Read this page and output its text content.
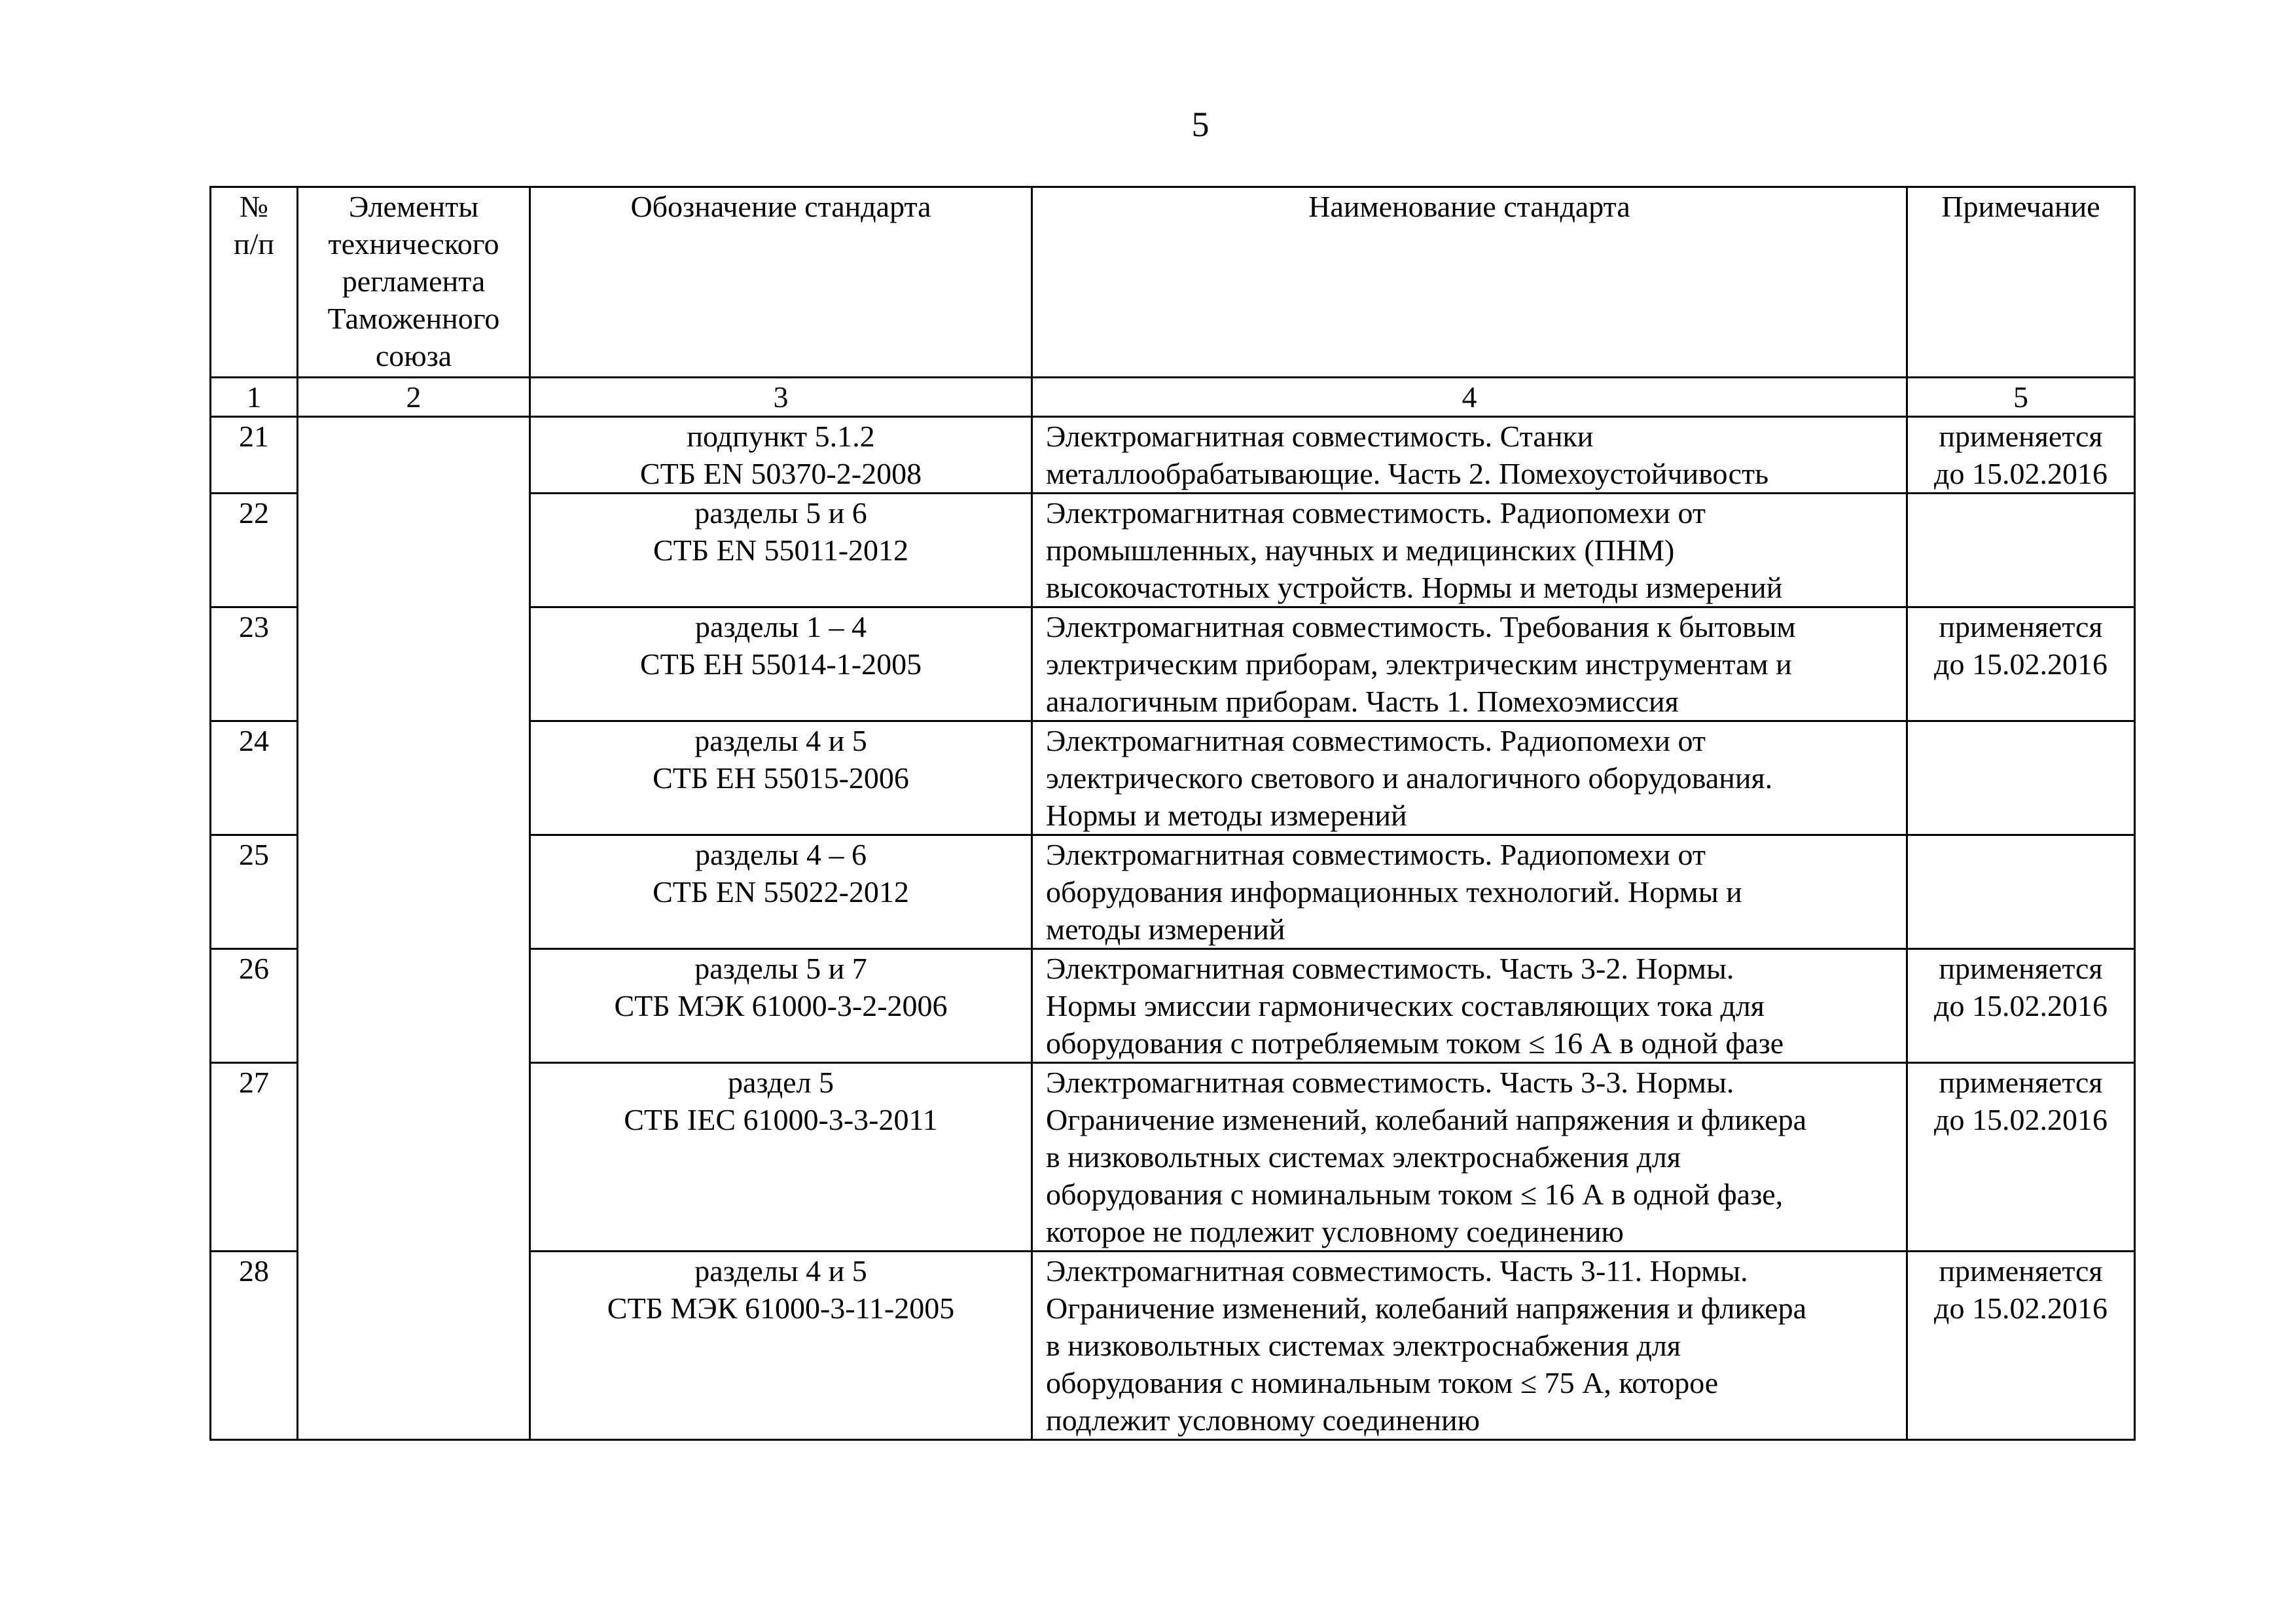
5
№
п/п	Элементы
технического
регламента
Таможенного
союза	Обозначение стандарта	Наименование стандарта	Примечание
1	2	3	4	5
21		подпункт 5.1.2
СТБ EN 50370-2-2008	Электромагнитная совместимость. Станки
металлообрабатывающие. Часть 2. Помехоустойчивость	применяется
до 15.02.2016

22		разделы 5 и 6
СТБ EN 55011-2012	Электромагнитная совместимость. Радиопомехи от
промышленных, научных и медицинских (ПНМ)
высокочастотных устройств. Нормы и методы измерений	

23		разделы 1 – 4
СТБ ЕН 55014-1-2005	Электромагнитная совместимость. Требования к бытовым
электрическим приборам, электрическим инструментам и
аналогичным приборам. Часть 1. Помехоэмиссия	применяется
до 15.02.2016

24		разделы 4 и 5
СТБ ЕН 55015-2006	Электромагнитная совместимость. Радиопомехи от
электрического светового и аналогичного оборудования.
Нормы и методы измерений	

25		разделы 4 – 6
СТБ EN 55022-2012	Электромагнитная совместимость. Радиопомехи от
оборудования информационных технологий. Нормы и
методы измерений	

26		разделы 5 и 7
СТБ МЭК 61000-3-2-2006	Электромагнитная совместимость. Часть 3-2. Нормы.
Нормы эмиссии гармонических составляющих тока для
оборудования с потребляемым током ≤ 16 А в одной фазе	применяется
до 15.02.2016

27		раздел 5
СТБ IEC 61000-3-3-2011	Электромагнитная совместимость. Часть 3-3. Нормы.
Ограничение изменений, колебаний напряжения и фликера
в низковольтных системах электроснабжения для
оборудования с номинальным током ≤ 16 А в одной фазе,
которое не подлежит условному соединению	применяется
до 15.02.2016

28		разделы 4 и 5
СТБ МЭК 61000-3-11-2005	Электромагнитная совместимость. Часть 3-11. Нормы.
Ограничение изменений, колебаний напряжения и фликера
в низковольтных системах электроснабжения для
оборудования с номинальным током ≤ 75 А, которое
подлежит условному соединению	применяется
до 15.02.2016
